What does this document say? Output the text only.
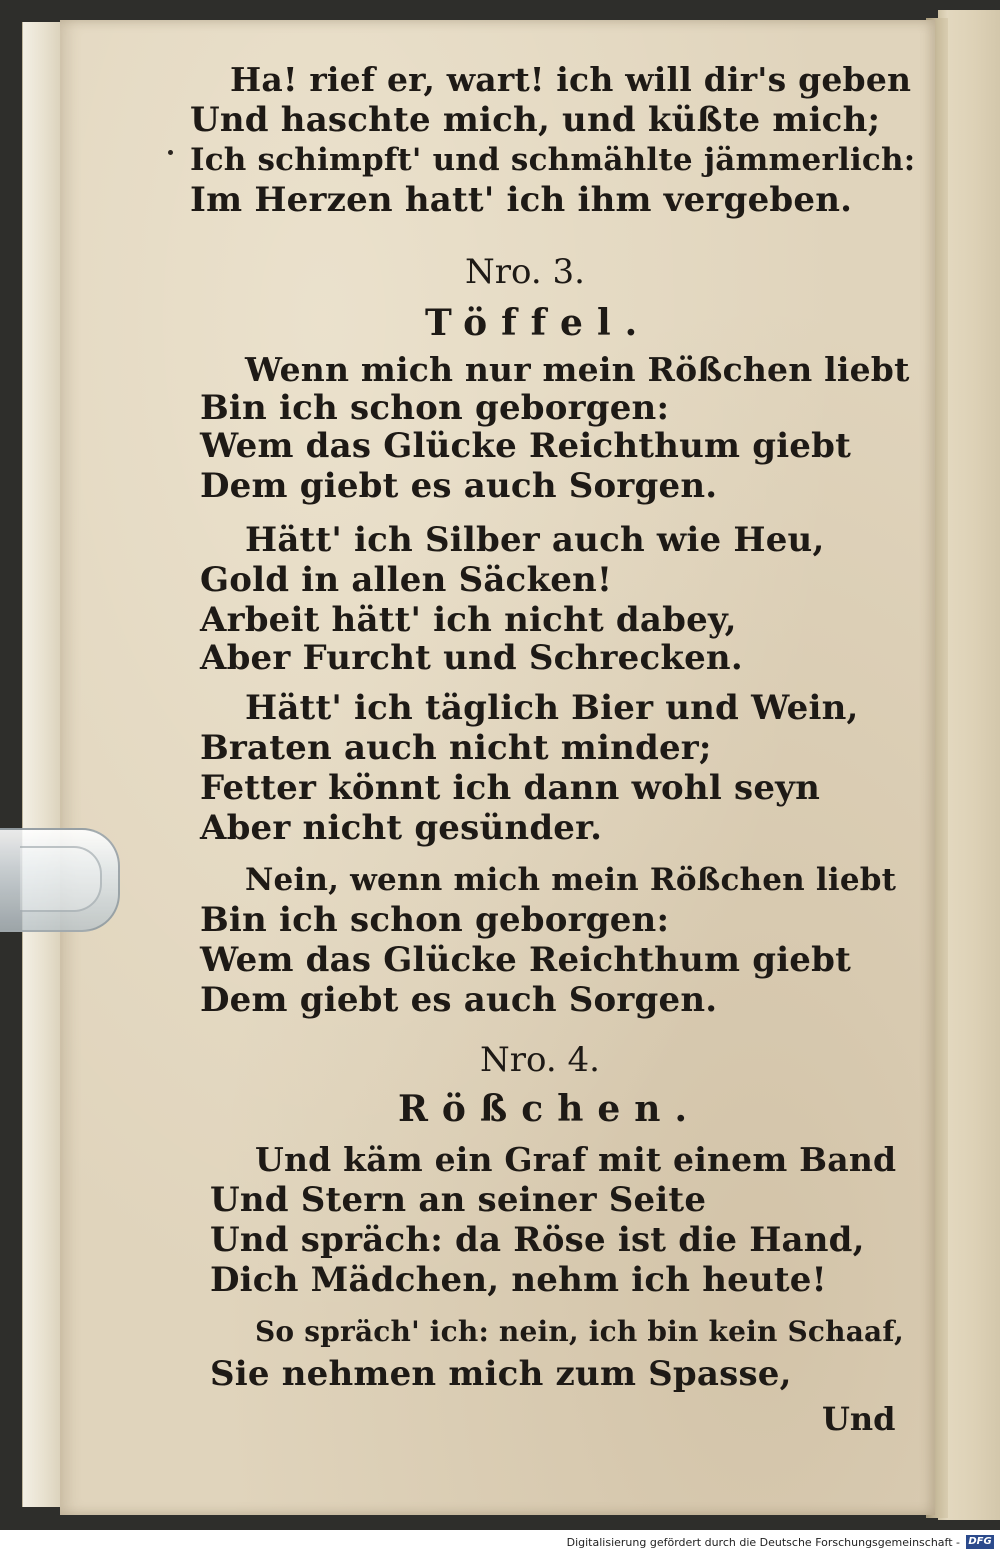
Ha! rief er, wart! ich will dir's geben
Und haschte mich, und küßte mich;
Ich schimpft' und schmählte jämmerlich:
Im Herzen hatt' ich ihm vergeben.
Nro. 3.
Töffel.
Wenn mich nur mein Rößchen liebt
Bin ich schon geborgen:
Wem das Glücke Reichthum giebt
Dem giebt es auch Sorgen.
Hätt' ich Silber auch wie Heu,
Gold in allen Säcken!
Arbeit hätt' ich nicht dabey,
Aber Furcht und Schrecken.
Hätt' ich täglich Bier und Wein,
Braten auch nicht minder;
Fetter könnt ich dann wohl seyn
Aber nicht gesünder.
Nein, wenn mich mein Rößchen liebt
Bin ich schon geborgen:
Wem das Glücke Reichthum giebt
Dem giebt es auch Sorgen.
Nro. 4.
Rößchen.
Und käm ein Graf mit einem Band
Und Stern an seiner Seite
Und spräch: da Röse ist die Hand,
Dich Mädchen, nehm ich heute!
So spräch' ich: nein, ich bin kein Schaaf,
Sie nehmen mich zum Spasse,
Und
Digitalisierung gefördert durch die Deutsche Forschungsgemeinschaft - DFG
